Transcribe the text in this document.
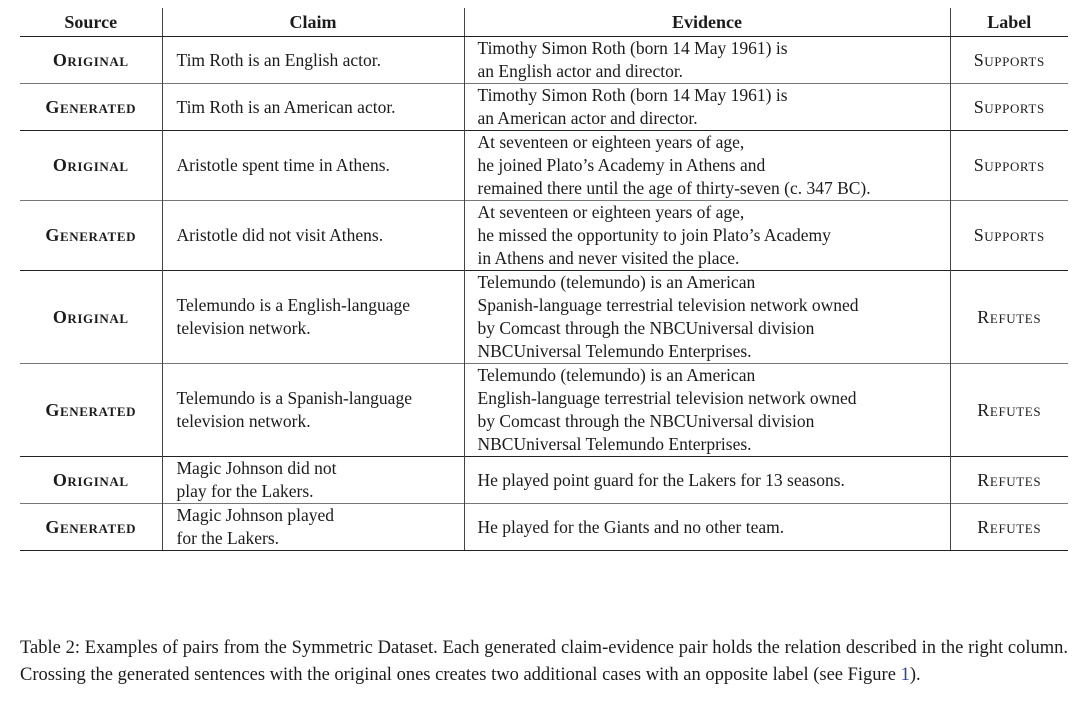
Source	Claim	Evidence	Label
Original	Tim Roth is an English actor.	Timothy Simon Roth (born 14 May 1961) is
an English actor and director.	Supports
Generated	Tim Roth is an American actor.	Timothy Simon Roth (born 14 May 1961) is
an American actor and director.	Supports
Original	Aristotle spent time in Athens.	At seventeen or eighteen years of age,
he joined Plato’s Academy in Athens and
remained there until the age of thirty-seven (c. 347 BC).	Supports
Generated	Aristotle did not visit Athens.	At seventeen or eighteen years of age,
he missed the opportunity to join Plato’s Academy
in Athens and never visited the place.	Supports
Original	Telemundo is a English-language
television network.	Telemundo (telemundo) is an American
Spanish-language terrestrial television network owned
by Comcast through the NBCUniversal division
NBCUniversal Telemundo Enterprises.	Refutes
Generated	Telemundo is a Spanish-language
television network.	Telemundo (telemundo) is an American
English-language terrestrial television network owned
by Comcast through the NBCUniversal division
NBCUniversal Telemundo Enterprises.	Refutes
Original	Magic Johnson did not
play for the Lakers.	He played point guard for the Lakers for 13 seasons.	Refutes
Generated	Magic Johnson played
for the Lakers.	He played for the Giants and no other team.	Refutes

Table 2: Examples of pairs from the Symmetric Dataset. Each generated claim-evidence pair holds the relation described in the right column. Crossing the generated sentences with the original ones creates two additional cases with an opposite label (see Figure 1).
